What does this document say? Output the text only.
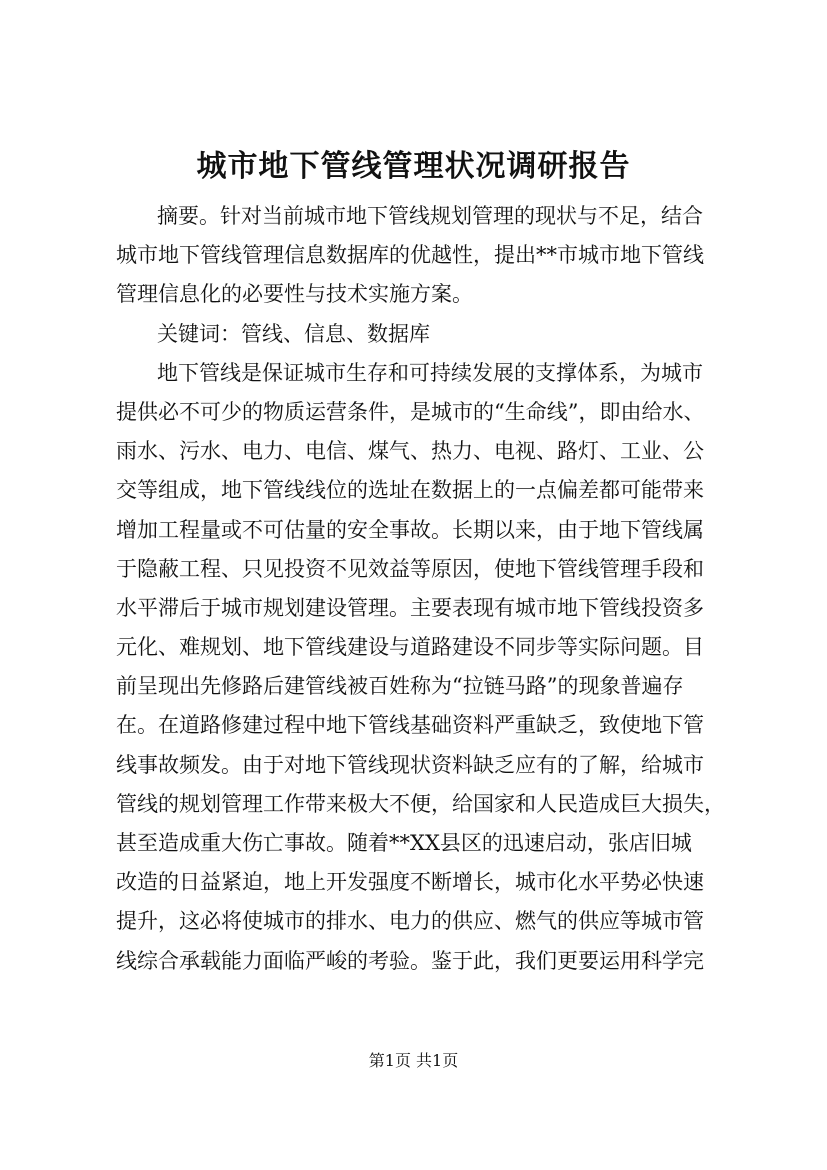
城市地下管线管理状况调研报告
摘要。针对当前城市地下管线规划管理的现状与不足，结合
城市地下管线管理信息数据库的优越性，提出**市城市地下管线
管理信息化的必要性与技术实施方案。
关键词：管线、信息、数据库
地下管线是保证城市生存和可持续发展的支撑体系，为城市
提供必不可少的物质运营条件，是城市的“生命线”，即由给水、
雨水、污水、电力、电信、煤气、热力、电视、路灯、工业、公
交等组成，地下管线线位的选址在数据上的一点偏差都可能带来
增加工程量或不可估量的安全事故。长期以来，由于地下管线属
于隐蔽工程、只见投资不见效益等原因，使地下管线管理手段和
水平滞后于城市规划建设管理。主要表现有城市地下管线投资多
元化、难规划、地下管线建设与道路建设不同步等实际问题。目
前呈现出先修路后建管线被百姓称为“拉链马路”的现象普遍存
在。在道路修建过程中地下管线基础资料严重缺乏，致使地下管
线事故频发。由于对地下管线现状资料缺乏应有的了解，给城市
管线的规划管理工作带来极大不便，给国家和人民造成巨大损失，
甚至造成重大伤亡事故。随着**XX县区的迅速启动，张店旧城
改造的日益紧迫，地上开发强度不断增长，城市化水平势必快速
提升，这必将使城市的排水、电力的供应、燃气的供应等城市管
线综合承载能力面临严峻的考验。鉴于此，我们更要运用科学完
第1页 共1页
